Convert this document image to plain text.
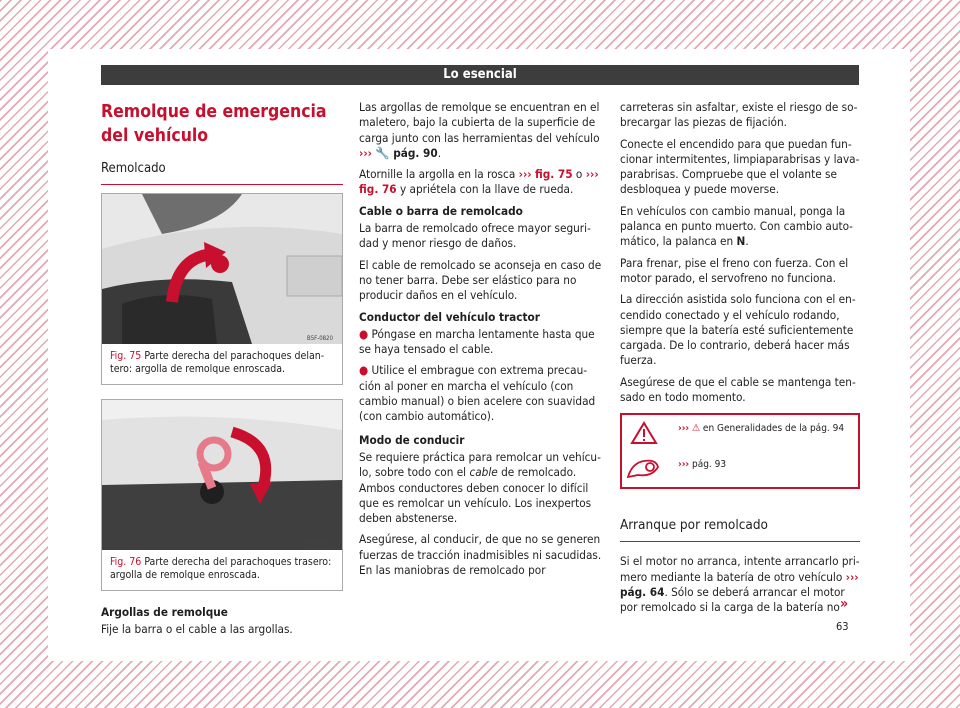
Lo esencial
Remolque de emergencia del vehículo
Remolcado
B5F-0820
Fig. 75 Parte derecha del parachoques delantero: argolla de remolque enroscada.
B5F-0821
Fig. 76 Parte derecha del parachoques trasero: argolla de remolque enroscada.

Argollas de remolque

Fije la barra o el cable a las argollas.

Las argollas de remolque se encuentran en el maletero, bajo la cubierta de la superficie de carga junto con las herramientas del vehículo ››› 🔧 pág. 90.

Atornille la argolla en la rosca ››› fig. 75 o ››› fig. 76 y apriétela con la llave de rueda.

Cable o barra de remolcado

La barra de remolcado ofrece mayor seguridad y menor riesgo de daños.

El cable de remolcado se aconseja en caso de no tener barra. Debe ser elástico para no producir daños en el vehículo.

Conductor del vehículo tractor

● Póngase en marcha lentamente hasta que se haya tensado el cable.

● Utilice el embrague con extrema precaución al poner en marcha el vehículo (con cambio manual) o bien acelere con suavidad (con cambio automático).

Modo de conducir

Se requiere práctica para remolcar un vehículo, sobre todo con el cable de remolcado. Ambos conductores deben conocer lo difícil que es remolcar un vehículo. Los inexpertos deben abstenerse.

Asegúrese, al conducir, de que no se generen fuerzas de tracción inadmisibles ni sacudidas. En las maniobras de remolcado por

carreteras sin asfaltar, existe el riesgo de sobrecargar las piezas de fijación.

Conecte el encendido para que puedan funcionar intermitentes, limpiaparabrisas y lavaparabrisas. Compruebe que el volante se desbloquea y puede moverse.

En vehículos con cambio manual, ponga la palanca en punto muerto. Con cambio automático, la palanca en N.

Para frenar, pise el freno con fuerza. Con el motor parado, el servofreno no funciona.

La dirección asistida solo funciona con el encendido conectado y el vehículo rodando, siempre que la batería esté suficientemente cargada. De lo contrario, deberá hacer más fuerza.

Asegúrese de que el cable se mantenga tensado en todo momento.

››› ⚠ en Generalidades de la pág. 94
››› pág. 93
Arranque por remolcado

Si el motor no arranca, intente arrancarlo primero mediante la batería de otro vehículo ››› pág. 64. Sólo se deberá arrancar el motor por remolcado si la carga de la batería no »
63
